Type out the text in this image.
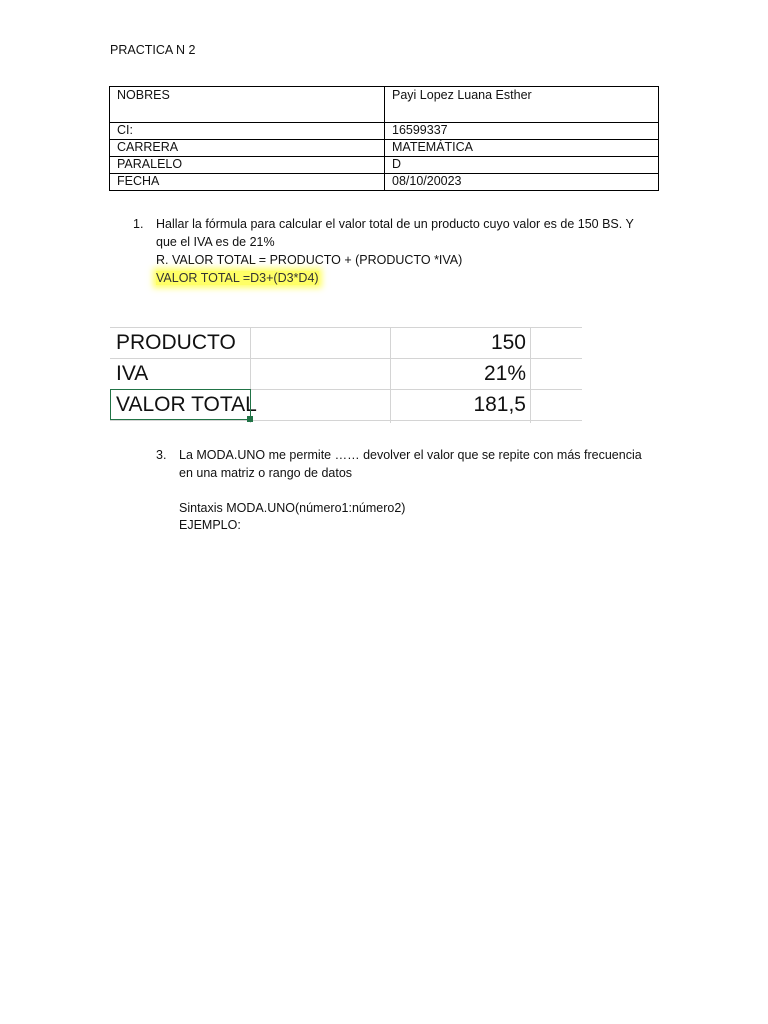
PRACTICA N 2
NOBRES	Payi Lopez Luana Esther
CI:	16599337
CARRERA	MATEMÁTICA
PARALELO	D
FECHA	08/10/20023
1. Hallar la fórmula para calcular el valor total de un producto cuyo valor es de 150 BS. Y
que el IVA es de 21%
R. VALOR TOTAL = PRODUCTO + (PRODUCTO *IVA)
VALOR TOTAL =D3+(D3*D4)
PRODUCTO	150
IVA	21%
VALOR TOTAL	181,5
3. La MODA.UNO me permite …… devolver el valor que se repite con más frecuencia
en una matriz o rango de datos
Sintaxis MODA.UNO(número1:número2)
EJEMPLO:
